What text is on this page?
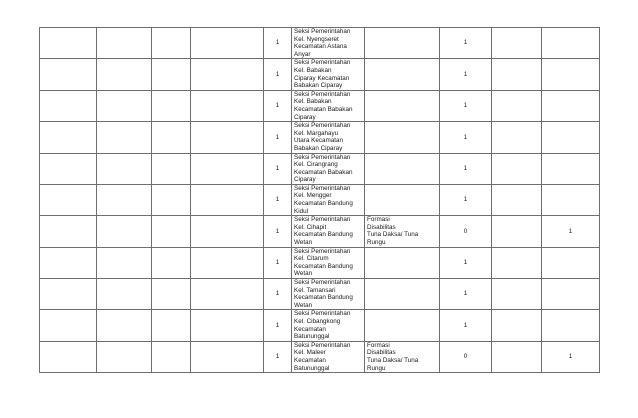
				1	Seksi Pemerintahan
Kel. Nyengseret
Kecamatan Astana
Anyar		1		

				1	Seksi Pemerintahan
Kel. Babakan
Ciparay Kecamatan
Babakan Ciparay		1		

				1	Seksi Pemerintahan
Kel. Babakan
Kecamatan Babakan
Ciparay		1		

				1	Seksi Pemerintahan
Kel. Margahayu
Utara Kecamatan
Babakan Ciparay		1		

				1	Seksi Pemerintahan
Kel. Cirangrang
Kecamatan Babakan
Ciparay		1		

				1	Seksi Pemerintahan
Kel. Mengger
Kecamatan Bandung
Kidul		1		

				1	Seksi Pemerintahan
Kel. Cihapit
Kecamatan Bandung
Wetan	Formasi
Disabilitas
Tuna Daksa/ Tuna
Rungu	0		1

				1	Seksi Pemerintahan
Kel. Citarum
Kecamatan Bandung
Wetan		1		

				1	Seksi Pemerintahan
Kel. Tamansari
Kecamatan Bandung
Wetan		1		

				1	Seksi Pemerintahan
Kel. Cibangkong
Kecamatan
Batununggal		1		

				1	Seksi Pemerintahan
Kel. Maleer
Kecamatan
Batununggal	Formasi
Disabilitas
Tuna Daksa/ Tuna
Rungu	0		1
